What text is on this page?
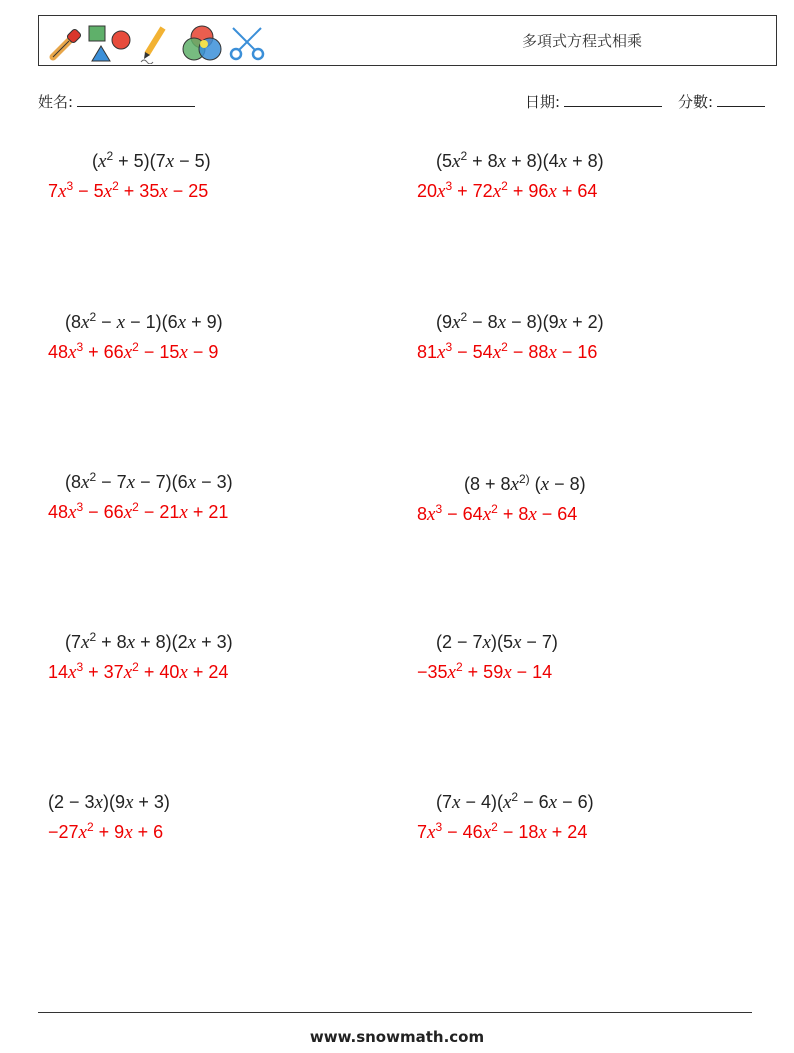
多項式方程式相乘
姓名:	日期:	分數:
$(x^2 + 5)(7x - 5)$
$7x^3 - 5x^2 + 35x - 25$
$(5x^2 + 8x + 8)(4x + 8)$
$20x^3 + 72x^2 + 96x + 64$
$(8x^2 - x - 1)(6x + 9)$
$48x^3 + 66x^2 - 15x - 9$
$(9x^2 - 8x - 8)(9x + 2)$
$81x^3 - 54x^2 - 88x - 16$
$(8x^2 - 7x - 7)(6x - 3)$
$48x^3 - 66x^2 - 21x + 21$
($8 + 8x^{2)}$ (x − 8)
$8x^3 - 64x^2 + 8x - 64$
$(7x^2 + 8x + 8)(2x + 3)$
$14x^3 + 37x^2 + 40x + 24$
(2 − 7x)(5x − 7)
$-35x^2 + 59x - 14$
(2 − 3x)(9x + 3)
$-27x^2 + 9x + 6$
$(7x - 4)(x^2 - 6x - 6)$
$7x^3 - 46x^2 - 18x + 24$
www.snowmath.com
